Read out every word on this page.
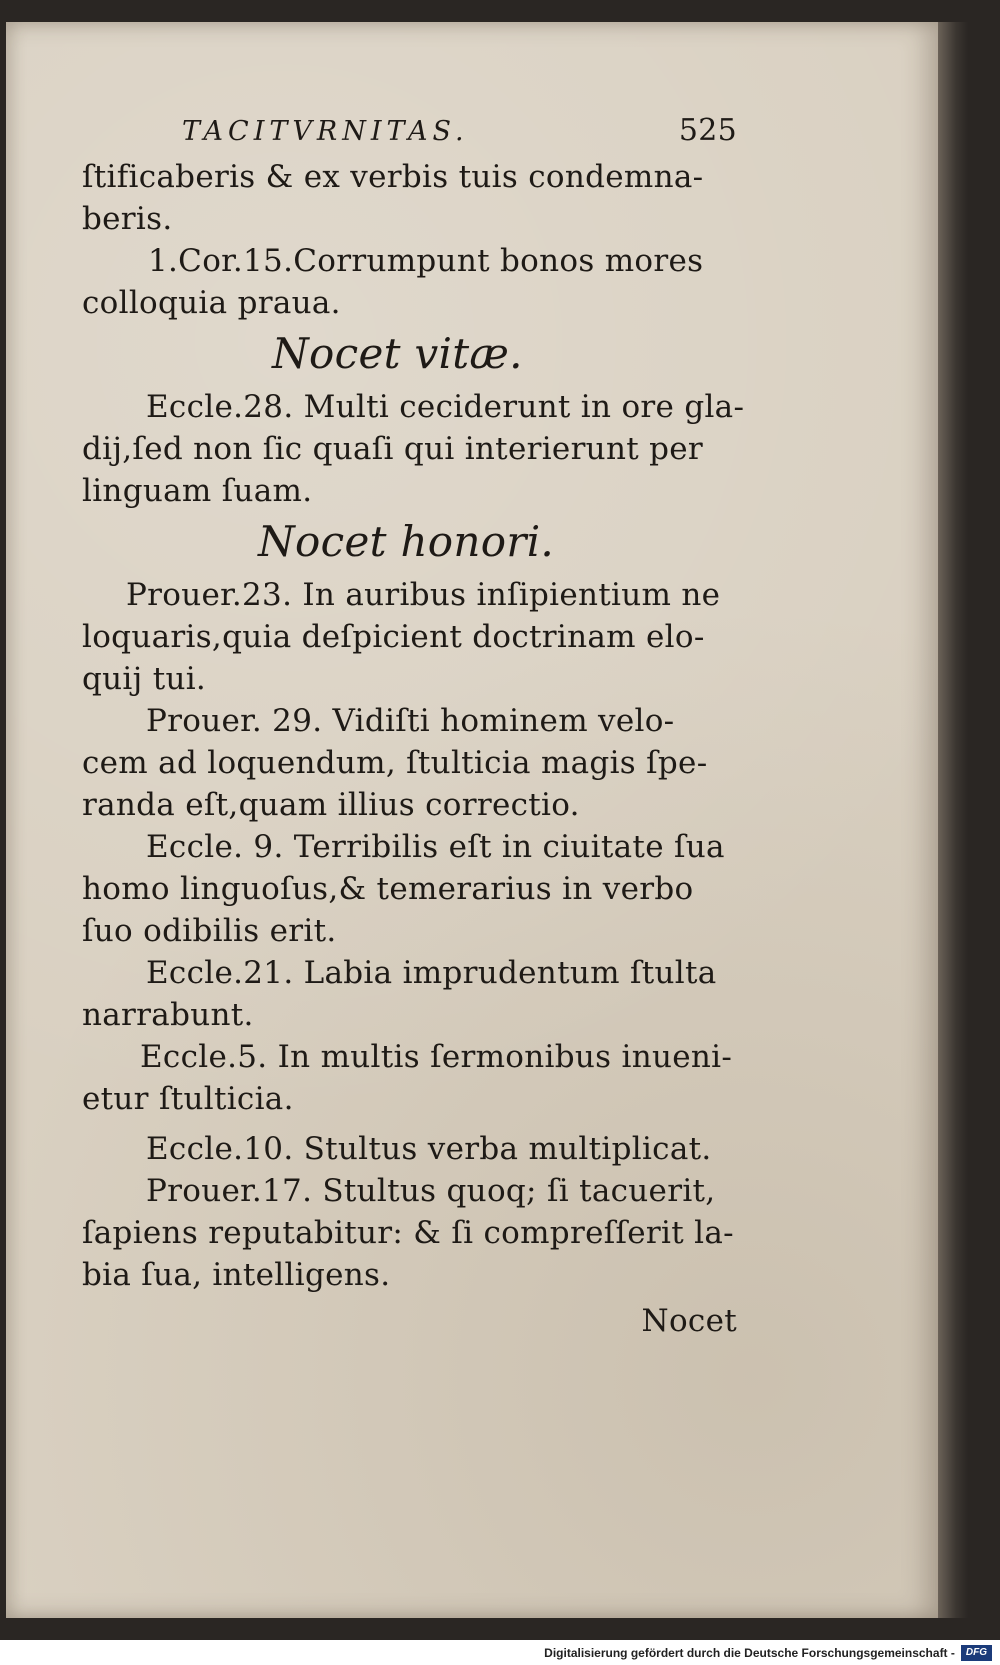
TACITVRNITAS.	525
ſtificaberis & ex verbis tuis condemna-
beris.
1.Cor.15.Corrumpunt bonos mores
colloquia praua.
Nocet vitæ.
Eccle.28. Multi ceciderunt in ore gla-
dij,ſed non ſic quaſi qui interierunt per
linguam ſuam.
Nocet honori.
Prouer.23. In auribus inſipientium ne
loquaris,quia deſpicient doctrinam elo-
quij tui.
Prouer. 29. Vidiſti hominem velo-
cem ad loquendum, ſtulticia magis ſpe-
randa eſt,quam illius correctio.
Eccle. 9. Terribilis eſt in ciuitate ſua
homo linguoſus,& temerarius in verbo
ſuo odibilis erit.
Eccle.21. Labia imprudentum ſtulta
narrabunt.
Eccle.5. In multis ſermonibus inueni-
etur ſtulticia.
Eccle.10. Stultus verba multiplicat.
Prouer.17. Stultus quoq; ſi tacuerit,
ſapiens reputabitur: & ſi compreſſerit la-
bia ſua, intelligens.
Nocet
Digitalisierung gefördert durch die Deutsche Forschungsgemeinschaft -	DFG
